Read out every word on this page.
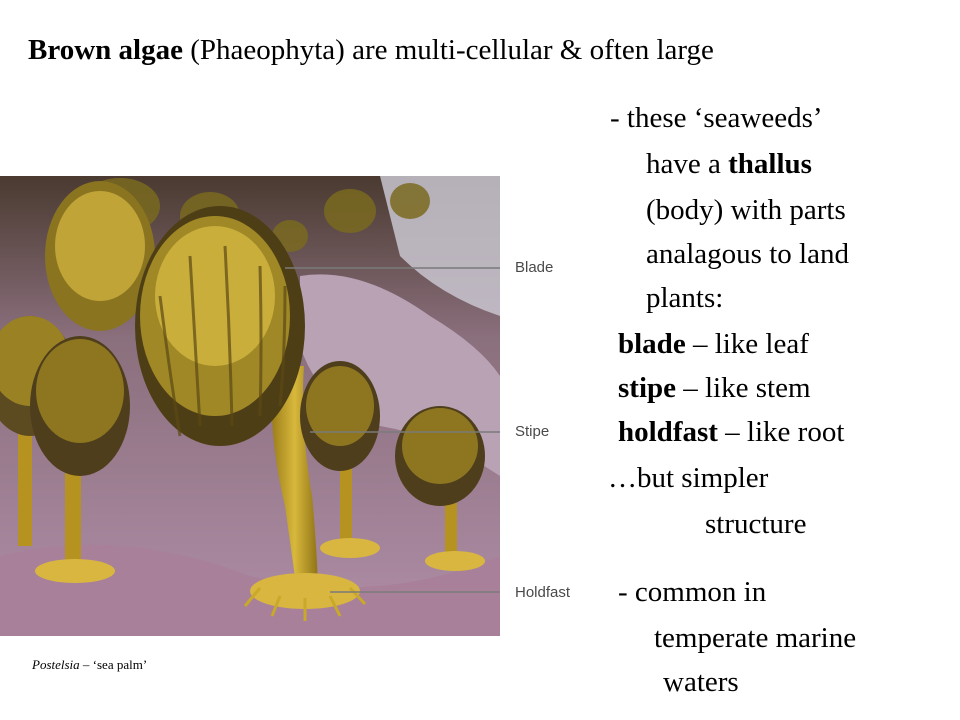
Brown algae (Phaeophyta) are multi-cellular & often large
Blade
Stipe
Holdfast
Postelsia – ‘sea palm’
- these ‘seaweeds’
have a thallus
(body) with parts
analagous to land
plants:
blade – like leaf
stipe – like stem
holdfast – like root
…but simpler
structure
- common in
temperate marine
waters
